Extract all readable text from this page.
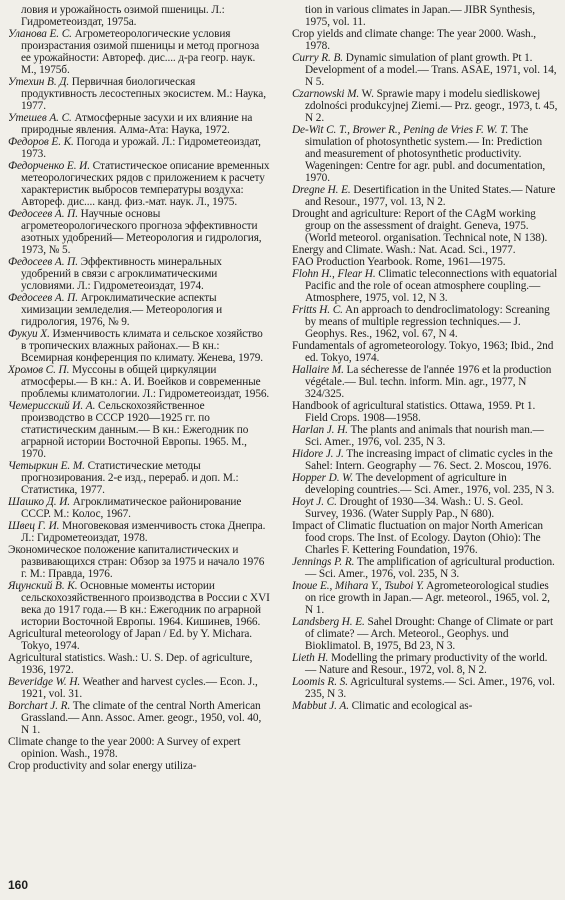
ловия и урожайность озимой пшеницы. Л.: Гидрометеоиздат, 1975а.

Уланова Е. С. Агрометеорологические условия произрастания озимой пшеницы и метод прогноза ее урожайности: Автореф. дис.... д-ра геогр. наук. М., 1975б.

Утехин В. Д. Первичная биологическая продуктивность лесостепных экосистем. М.: Наука, 1977.

Утешев А. С. Атмосферные засухи и их влияние на природные явления. Алма-Ата: Наука, 1972.

Федоров Е. К. Погода и урожай. Л.: Гидрометеоиздат, 1973.

Федорченко Е. И. Статистическое описание временных метеорологических рядов с приложением к расчету характеристик выбросов температуры воздуха: Автореф. дис.... канд. физ.-мат. наук. Л., 1975.

Федосеев А. П. Научные основы агрометеорологического прогноза эффективности азотных удобрений— Метеорология и гидрология, 1973, № 5.

Федосеев А. П. Эффективность минеральных удобрений в связи с агроклиматическими условиями. Л.: Гидрометеоиздат, 1974.

Федосеев А. П. Агроклиматические аспекты химизации земледелия.— Метеорология и гидрология, 1976, № 9.

Фукуи Х. Изменчивость климата и сельское хозяйство в тропических влажных районах.— В кн.: Всемирная конференция по климату. Женева, 1979.

Хромов С. П. Муссоны в общей циркуляции атмосферы.— В кн.: А. И. Воейков и современные проблемы климатологии. Л.: Гидрометеоиздат, 1956.

Чемерисский И. А. Сельскохозяйственное производство в СССР 1920—1925 гг. по статистическим данным.— В кн.: Ежегодник по аграрной истории Восточной Европы. 1965. М., 1970.

Четыркин Е. М. Статистические методы прогнозирования. 2-е изд., перераб. и доп. М.: Статистика, 1977.

Шашко Д. И. Агроклиматическое районирование СССР. М.: Колос, 1967.

Швец Г. И. Многовековая изменчивость стока Днепра. Л.: Гидрометеоиздат, 1978.

Экономическое положение капиталистических и развивающихся стран: Обзор за 1975 и начало 1976 г. М.: Правда, 1976.

Яцунский В. К. Основные моменты истории сельскохозяйственного производства в России с XVI века до 1917 года.— В кн.: Ежегодник по аграрной истории Восточной Европы. 1964. Кишинев, 1966.

Agricultural meteorology of Japan / Ed. by Y. Michara. Tokyo, 1974.

Agricultural statistics. Wash.: U. S. Dep. of agriculture, 1936, 1972.

Beveridge W. H. Weather and harvest cycles.— Econ. J., 1921, vol. 31.

Borchart J. R. The climate of the central North American Grassland.— Ann. Assoc. Amer. geogr., 1950, vol. 40, N 1.

Climate change to the year 2000: A Survey of expert opinion. Wash., 1978.

Crop productivity and solar energy utiliza-

tion in various climates in Japan.— JIBR Synthesis, 1975, vol. 11.

Crop yields and climate change: The year 2000. Wash., 1978.

Curry R. B. Dynamic simulation of plant growth. Pt 1. Development of a model.— Trans. ASAE, 1971, vol. 14, N 5.

Czarnowski M. W. Sprawie mapy i modelu siedliskowej zdolności produkcyjnej Ziemi.— Prz. geogr., 1973, t. 45, N 2.

De-Wit C. T., Brower R., Pening de Vries F. W. T. The simulation of photosynthetic system.— In: Prediction and measurement of photosynthetic productivity. Wageningen: Centre for agr. publ. and documentation, 1970.

Dregne H. E. Desertification in the United States.— Nature and Resour., 1977, vol. 13, N 2.

Drought and agriculture: Report of the CAgM working group on the assessment of draight. Geneva, 1975. (World meteorol. organisation. Technical note, N 138).

Energy and Climate. Wash.: Nat. Acad. Sci., 1977.

FAO Production Yearbook. Rome, 1961—1975.

Flohn H., Flear H. Climatic teleconnections with equatorial Pacific and the role of ocean atmosphere coupling.— Atmosphere, 1975, vol. 12, N 3.

Fritts H. C. An approach to dendroclimatology: Screaning by means of multiple regression techniques.— J. Geophys. Res., 1962, vol. 67, N 4.

Fundamentals of agrometeorology. Tokyo, 1963; Ibid., 2nd ed. Tokyo, 1974.

Hallaire M. La sécheresse de l'année 1976 et la production végétale.— Bul. techn. inform. Min. agr., 1977, N 324/325.

Handbook of agricultural statistics. Ottawa, 1959. Pt 1. Field Crops. 1908—1958.

Harlan J. H. The plants and animals that nourish man.— Sci. Amer., 1976, vol. 235, N 3.

Hidore J. J. The increasing impact of climatic cycles in the Sahel: Intern. Geography — 76. Sect. 2. Moscou, 1976.

Hopper D. W. The development of agriculture in developing countries.— Sci. Amer., 1976, vol. 235, N 3.

Hoyt J. C. Drought of 1930—34. Wash.: U. S. Geol. Survey, 1936. (Water Supply Pap., N 680).

Impact of Climatic fluctuation on major North American food crops. The Inst. of Ecology. Dayton (Ohio): The Charles F. Kettering Foundation, 1976.

Jennings P. R. The amplification of agricultural production.— Sci. Amer., 1976, vol. 235, N 3.

Inoue E., Mihara Y., Tsuboi Y. Agrometeorological studies on rice growth in Japan.— Agr. meteorol., 1965, vol. 2, N 1.

Landsberg H. E. Sahel Drought: Change of Climate or part of climate? — Arch. Meteorol., Geophys. und Bioklimatol. B, 1975, Bd 23, N 3.

Lieth H. Modelling the primary productivity of the world.— Nature and Resour., 1972, vol. 8, N 2.

Loomis R. S. Agricultural systems.— Sci. Amer., 1976, vol. 235, N 3.

Mabbut J. A. Climatic and ecological as-

160
